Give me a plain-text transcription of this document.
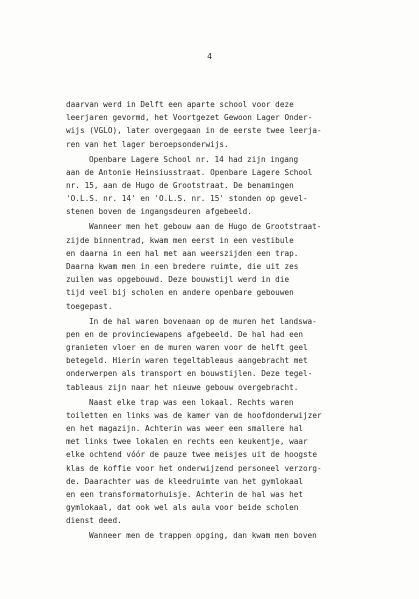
4
daarvan werd in Delft een aparte school voor deze
leerjaren gevormd, het Voortgezet Gewoon Lager Onder-
wijs (VGLO), later overgegaan in de eerste twee leerja-
ren van het lager beroepsonderwijs.
Openbare Lagere School nr. 14 had zijn ingang
aan de Antonie Heinsiusstraat. Openbare Lagere School
nr. 15, aan de Hugo de Grootstraat. De benamingen
'O.L.S. nr. 14' en 'O.L.S. nr. 15' stonden op gevel-
stenen boven de ingangsdeuren afgebeeld.
Wanneer men het gebouw aan de Hugo de Grootstraat-
zijde binnentrad, kwam men eerst in een vestibule
en daarna in een hal met aan weerszijden een trap.
Daarna kwam men in een bredere ruimte, die uit zes
zuilen was opgebouwd. Deze bouwstijl werd in die
tijd veel bij scholen en andere openbare gebouwen
toegepast.
In de hal waren bovenaan op de muren het landswa-
pen en de provinciewapens afgebeeld. De hal had een
granieten vloer en de muren waren voor de helft geel
betegeld. Hierin waren tegeltableaus aangebracht met
onderwerpen als transport en bouwstijlen. Deze tegel-
tableaus zijn naar het nieuwe gebouw overgebracht.
Naast elke trap was een lokaal. Rechts waren
toiletten en links was de kamer van de hoofdonderwijzer
en het magazijn. Achterin was weer een smallere hal
met links twee lokalen en rechts een keukentje, waar
elke ochtend vóór de pauze twee meisjes uit de hoogste
klas de koffie voor het onderwijzend personeel verzorg-
de. Daarachter was de kleedruimte van het gymlokaal
en een transformatorhuisje. Achterin de hal was het
gymlokaal, dat ook wel als aula voor beide scholen
dienst deed.
Wanneer men de trappen opging, dan kwam men boven
